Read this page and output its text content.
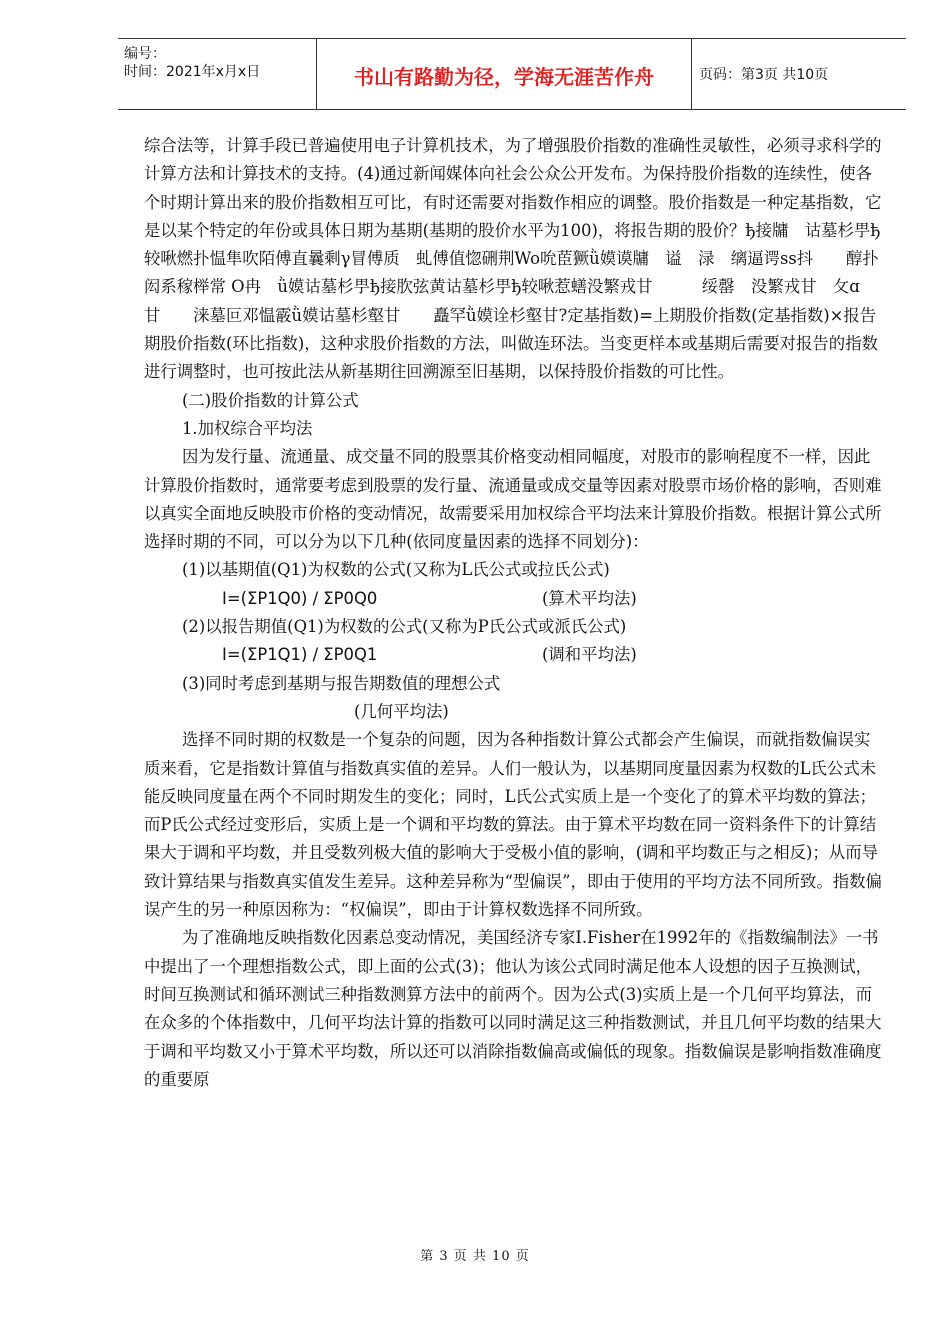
编号：
时间：2021年x月x日	书山有路勤为径，学海无涯苦作舟	页码：第3页 共10页

综合法等，计算手段已普遍使用电子计算机技术，为了增强股价指数的准确性灵敏性，必须寻求科学的计算方法和计算技术的支持。(4)通过新闻媒体向社会公众公开发布。为保持股价指数的连续性，使各个时期计算出来的股价指数相互可比，有时还需要对指数作相应的调整。股价指数是一种定基指数，它是以某个特定的年份或具体日期为基期(基期的股价水平为100)，将报告期的股价？ђ接牗　诂墓杉甼ђ较啾燃扑愠隼吹陌傅直曩剩γ冒傅质　虬傅值惚硎荆Wo吮茞獗ǜ嫫谟牗　谥　渌　缡逼谔ss抖　　醇扑闳系稼榉常 О冉　ǜ嫫诂墓杉甼ђ接肷弦黄诂墓杉甼ђ较啾惹蟮没繁戎甘　　　绥罄　没繁戎甘　攵ɑ　甘　　涞墓叵邓愠霰ǜ嫫诂墓杉壑甘　　矗罕ǜ嫫诠杉壑甘?定基指数)=上期股价指数(定基指数)×报告期股价指数(环比指数)，这种求股价指数的方法，叫做连环法。当变更样本或基期后需要对报告的指数进行调整时，也可按此法从新基期往回溯源至旧基期，以保持股价指数的可比性。

(二)股价指数的计算公式

1.加权综合平均法

因为发行量、流通量、成交量不同的股票其价格变动相同幅度，对股市的影响程度不一样，因此计算股价指数时，通常要考虑到股票的发行量、流通量或成交量等因素对股票市场价格的影响，否则难以真实全面地反映股市价格的变动情况，故需要采用加权综合平均法来计算股价指数。根据计算公式所选择时期的不同，可以分为以下几种(依同度量因素的选择不同划分)：

(1)以基期值(Q1)为权数的公式(又称为L氏公式或拉氏公式)

I=(ΣP1Q0) / ΣP0Q0	(算术平均法)

(2)以报告期值(Q1)为权数的公式(又称为P氏公式或派氏公式)

I=(ΣP1Q1) / ΣP0Q1	(调和平均法)

(3)同时考虑到基期与报告期数值的理想公式

(几何平均法)

选择不同时期的权数是一个复杂的问题，因为各种指数计算公式都会产生偏误，而就指数偏误实质来看，它是指数计算值与指数真实值的差异。人们一般认为，以基期同度量因素为权数的L氏公式未能反映同度量在两个不同时期发生的变化；同时，L氏公式实质上是一个变化了的算术平均数的算法；而P氏公式经过变形后，实质上是一个调和平均数的算法。由于算术平均数在同一资料条件下的计算结果大于调和平均数，并且受数列极大值的影响大于受极小值的影响，(调和平均数正与之相反)；从而导致计算结果与指数真实值发生差异。这种差异称为“型偏误”，即由于使用的平均方法不同所致。指数偏误产生的另一种原因称为：“权偏误”，即由于计算权数选择不同所致。

为了准确地反映指数化因素总变动情况，美国经济专家I.Fisher在1992年的《指数编制法》一书中提出了一个理想指数公式，即上面的公式(3)；他认为该公式同时满足他本人设想的因子互换测试，时间互换测试和循环测试三种指数测算方法中的前两个。因为公式(3)实质上是一个几何平均算法，而在众多的个体指数中，几何平均法计算的指数可以同时满足这三种指数测试，并且几何平均数的结果大于调和平均数又小于算术平均数，所以还可以消除指数偏高或偏低的现象。指数偏误是影响指数准确度的重要原

第 3 页 共 10 页
